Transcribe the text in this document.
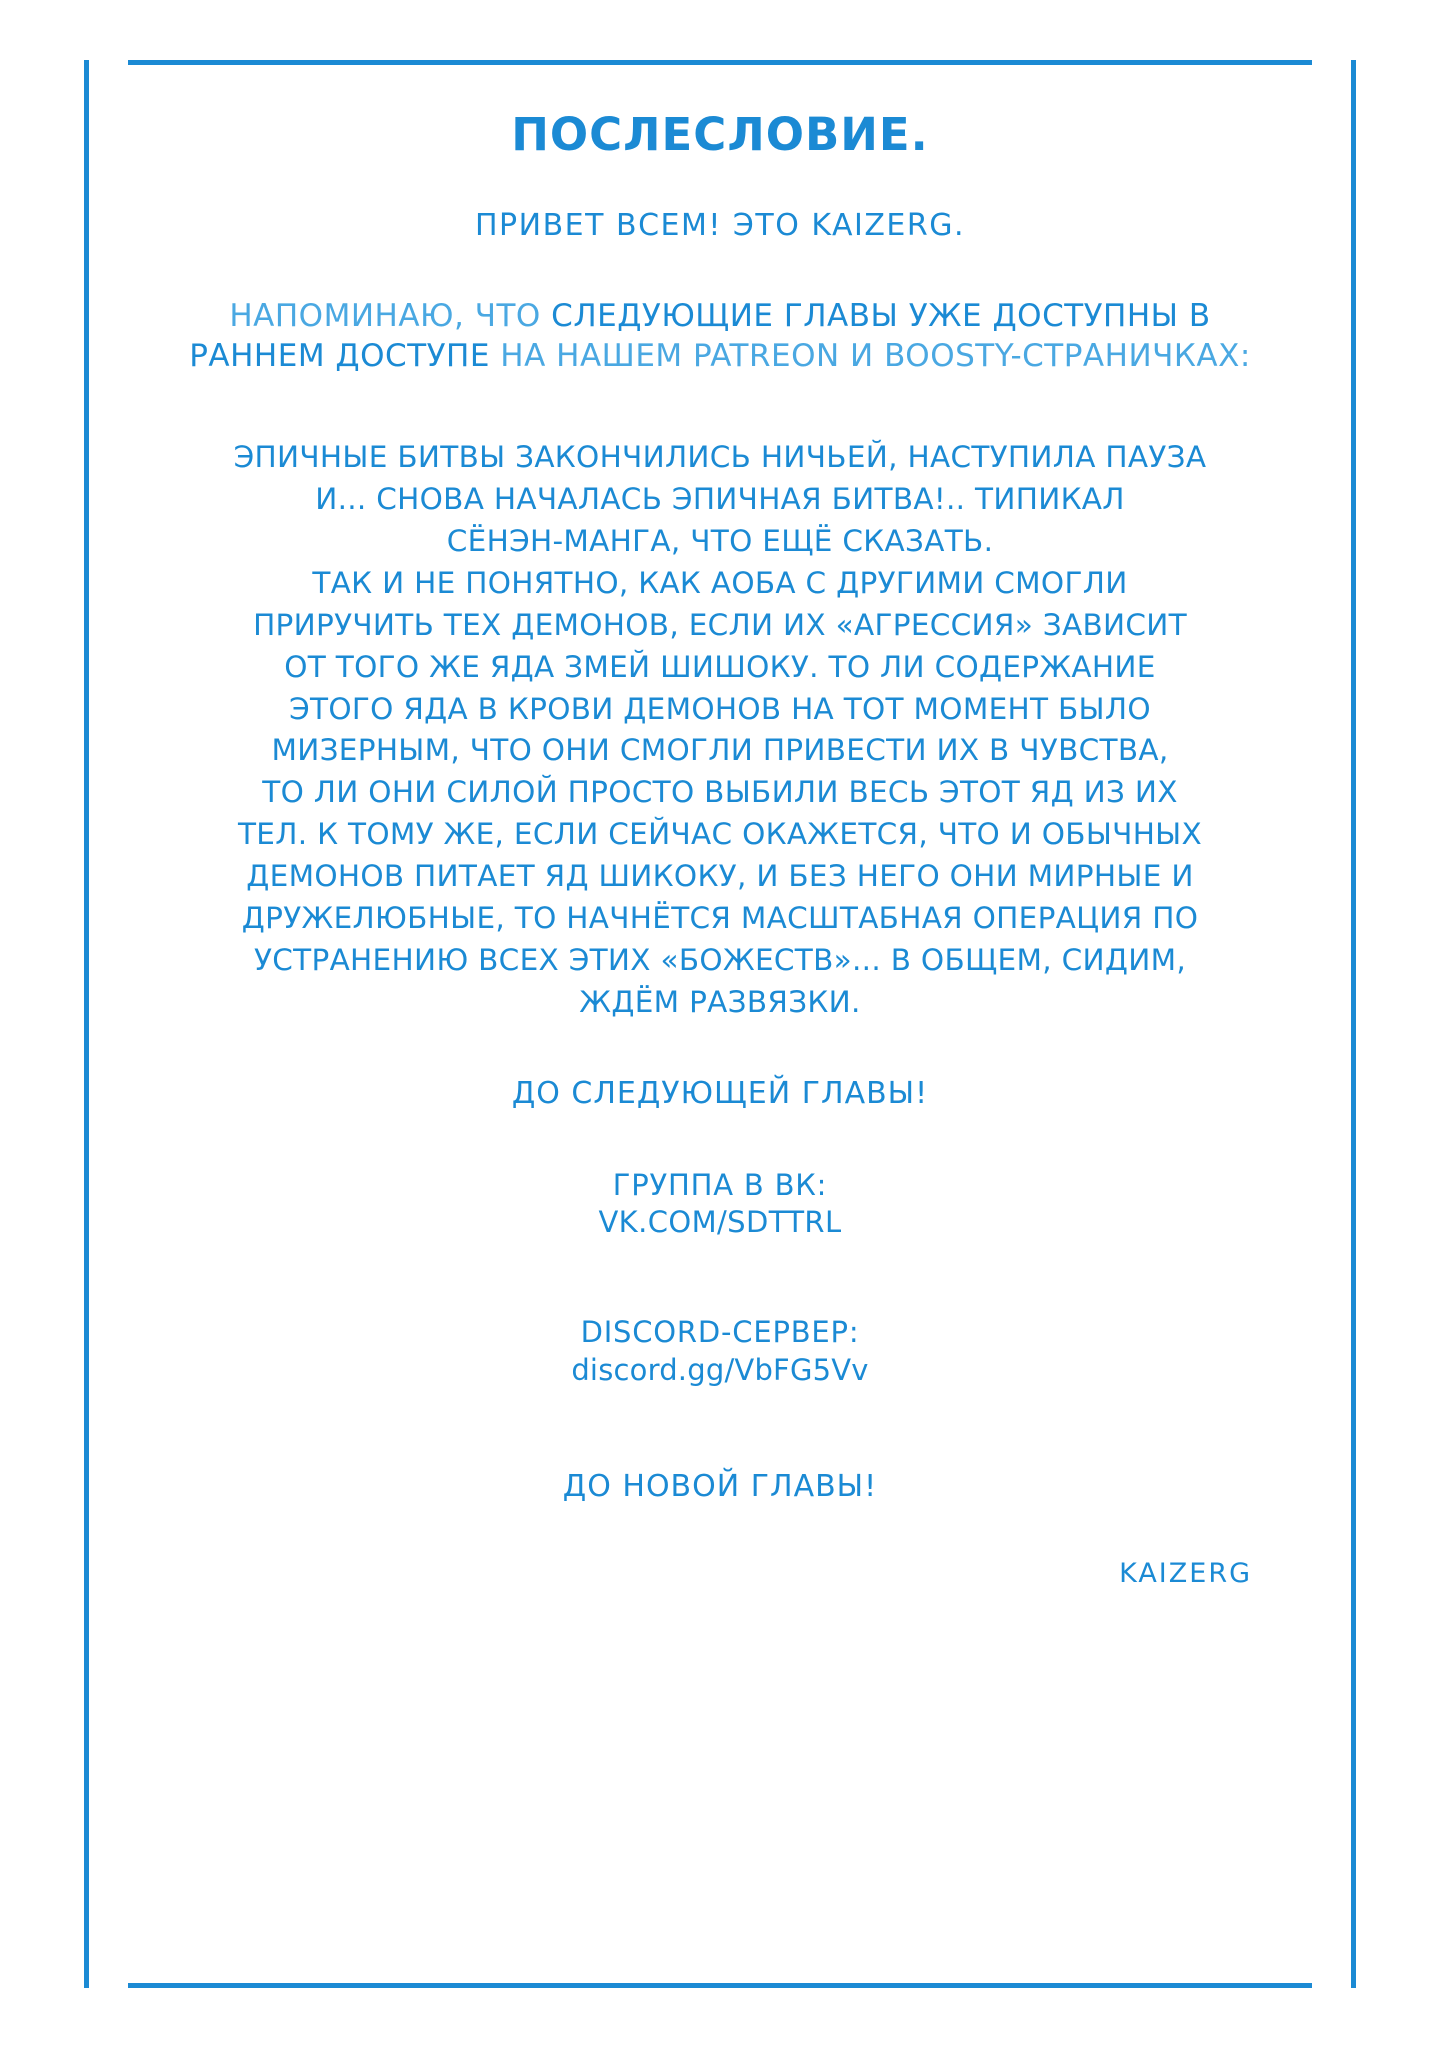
ПОСЛЕСЛОВИЕ.

ПРИВЕТ ВСЕМ! ЭТО KAIZERG.

НАПОМИНАЮ, ЧТО СЛЕДУЮЩИЕ ГЛАВЫ УЖЕ ДОСТУПНЫ В РАННЕМ ДОСТУПЕ НА НАШЕМ PATREON И BOOSTY-СТРАНИЧКАХ:

ЭПИЧНЫЕ БИТВЫ ЗАКОНЧИЛИСЬ НИЧЬЕЙ, НАСТУПИЛА ПАУЗА

И... СНОВА НАЧАЛАСЬ ЭПИЧНАЯ БИТВА!.. ТИПИКАЛ

СЁНЭН-МАНГА, ЧТО ЕЩЁ СКАЗАТЬ.

ТАК И НЕ ПОНЯТНО, КАК АОБА С ДРУГИМИ СМОГЛИ

ПРИРУЧИТЬ ТЕХ ДЕМОНОВ, ЕСЛИ ИХ «АГРЕССИЯ» ЗАВИСИТ

ОТ ТОГО ЖЕ ЯДА ЗМЕЙ ШИШОКУ. ТО ЛИ СОДЕРЖАНИЕ

ЭТОГО ЯДА В КРОВИ ДЕМОНОВ НА ТОТ МОМЕНТ БЫЛО

МИЗЕРНЫМ, ЧТО ОНИ СМОГЛИ ПРИВЕСТИ ИХ В ЧУВСТВА,

ТО ЛИ ОНИ СИЛОЙ ПРОСТО ВЫБИЛИ ВЕСЬ ЭТОТ ЯД ИЗ ИХ

ТЕЛ. К ТОМУ ЖЕ, ЕСЛИ СЕЙЧАС ОКАЖЕТСЯ, ЧТО И ОБЫЧНЫХ

ДЕМОНОВ ПИТАЕТ ЯД ШИКОКУ, И БЕЗ НЕГО ОНИ МИРНЫЕ И

ДРУЖЕЛЮБНЫЕ, ТО НАЧНЁТСЯ МАСШТАБНАЯ ОПЕРАЦИЯ ПО

УСТРАНЕНИЮ ВСЕХ ЭТИХ «БОЖЕСТВ»... В ОБЩЕМ, СИДИМ,

ЖДЁМ РАЗВЯЗКИ.

ДО СЛЕДУЮЩЕЙ ГЛАВЫ!

ГРУППА В ВК:
VK.COM/SDTTRL
DISCORD-СЕРВЕР:
discord.gg/VbFG5Vv

ДО НОВОЙ ГЛАВЫ!

KAIZERG
